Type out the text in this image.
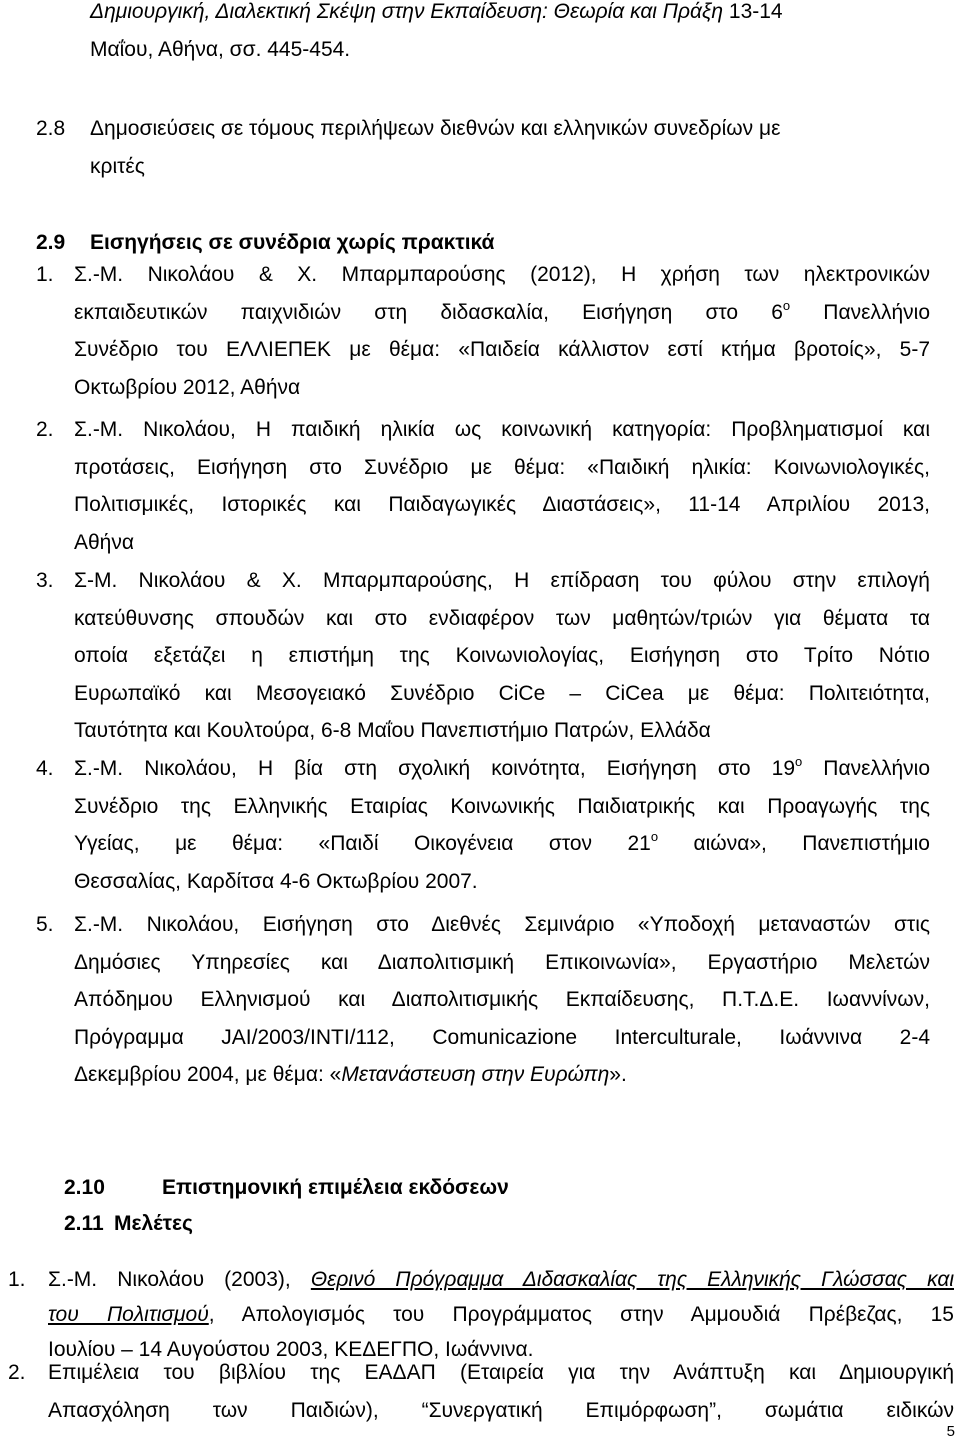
Δημιουργική, Διαλεκτική Σκέψη στην Εκπαίδευση: Θεωρία και Πράξη 13-14
Μαΐου, Αθήνα, σσ. 445-454.
2.8 Δημοσιεύσεις σε τόμους περιλήψεων διεθνών και ελληνικών συνεδρίων με
κριτές
2.9 Εισηγήσεις σε συνέδρια χωρίς πρακτικά
1. Σ.-Μ. Νικολάου & Χ. Μπαρμπαρούσης (2012), Η χρήση των ηλεκτρονικών
εκπαιδευτικών παιχνιδιών στη διδασκαλία, Εισήγηση στο $6^o$ Πανελλήνιο
Συνέδριο του ΕΛΛΙΕΠΕΚ με θέμα: «Παιδεία κάλλιστον εστί κτήμα βροτοίς», 5-7
Οκτωβρίου 2012, Αθήνα
2. Σ.-Μ. Νικολάου, Η παιδική ηλικία ως κοινωνική κατηγορία: Προβληματισμοί και
προτάσεις, Εισήγηση στο Συνέδριο με θέμα: «Παιδική ηλικία: Κοινωνιολογικές,
Πολιτισμικές, Ιστορικές και Παιδαγωγικές Διαστάσεις», 11-14 Απριλίου 2013,
Αθήνα
3. Σ-Μ. Νικολάου & Χ. Μπαρμπαρούσης, Η επίδραση του φύλου στην επιλογή
κατεύθυνσης σπουδών και στο ενδιαφέρον των μαθητών/τριών για θέματα τα
οποία εξετάζει η επιστήμη της Κοινωνιολογίας, Εισήγηση στο Τρίτο Νότιο
Ευρωπαϊκό και Μεσογειακό Συνέδριο CiCe – CiCea με θέμα: Πολιτειότητα,
Ταυτότητα και Κουλτούρα, 6-8 Μαΐου Πανεπιστήμιο Πατρών, Ελλάδα
4. Σ.-Μ. Νικολάου, Η βία στη σχολική κοινότητα, Εισήγηση στο $19^o$ Πανελλήνιο
Συνέδριο της Ελληνικής Εταιρίας Κοινωνικής Παιδιατρικής και Προαγωγής της
Υγείας, με θέμα: «Παιδί Οικογένεια στον $21^o$ αιώνα», Πανεπιστήμιο
Θεσσαλίας, Καρδίτσα 4-6 Οκτωβρίου 2007.
5. Σ.-Μ. Νικολάου, Εισήγηση στο Διεθνές Σεμινάριο «Υποδοχή μεταναστών στις
Δημόσιες Υπηρεσίες και Διαπολιτισμική Επικοινωνία», Εργαστήριο Μελετών
Απόδημου Ελληνισμού και Διαπολιτισμικής Εκπαίδευσης, Π.Τ.Δ.Ε. Ιωαννίνων,
Πρόγραμμα JAI/2003/INTI/112, Comunicazione Interculturale, Ιωάννινα 2-4
Δεκεμβρίου 2004, με θέμα: «Μετανάστευση στην Ευρώπη».
2.10	Επιστημονική επιμέλεια εκδόσεων
2.11 Μελέτες
1. Σ.-Μ. Νικολάου (2003), Θερινό Πρόγραμμα Διδασκαλίας της Ελληνικής Γλώσσας και
του Πολιτισμού, Απολογισμός του Προγράμματος στην Αμμουδιά Πρέβεζας, 15
Ιουλίου – 14 Αυγούστου 2003, ΚΕΔΕΓΠΟ, Ιωάννινα.
2. Επιμέλεια του βιβλίου της ΕΑΔΑΠ (Εταιρεία για την Ανάπτυξη και Δημιουργική
Απασχόληση των Παιδιών), “Συνεργατική Επιμόρφωση”, σωμάτια ειδικών
5
